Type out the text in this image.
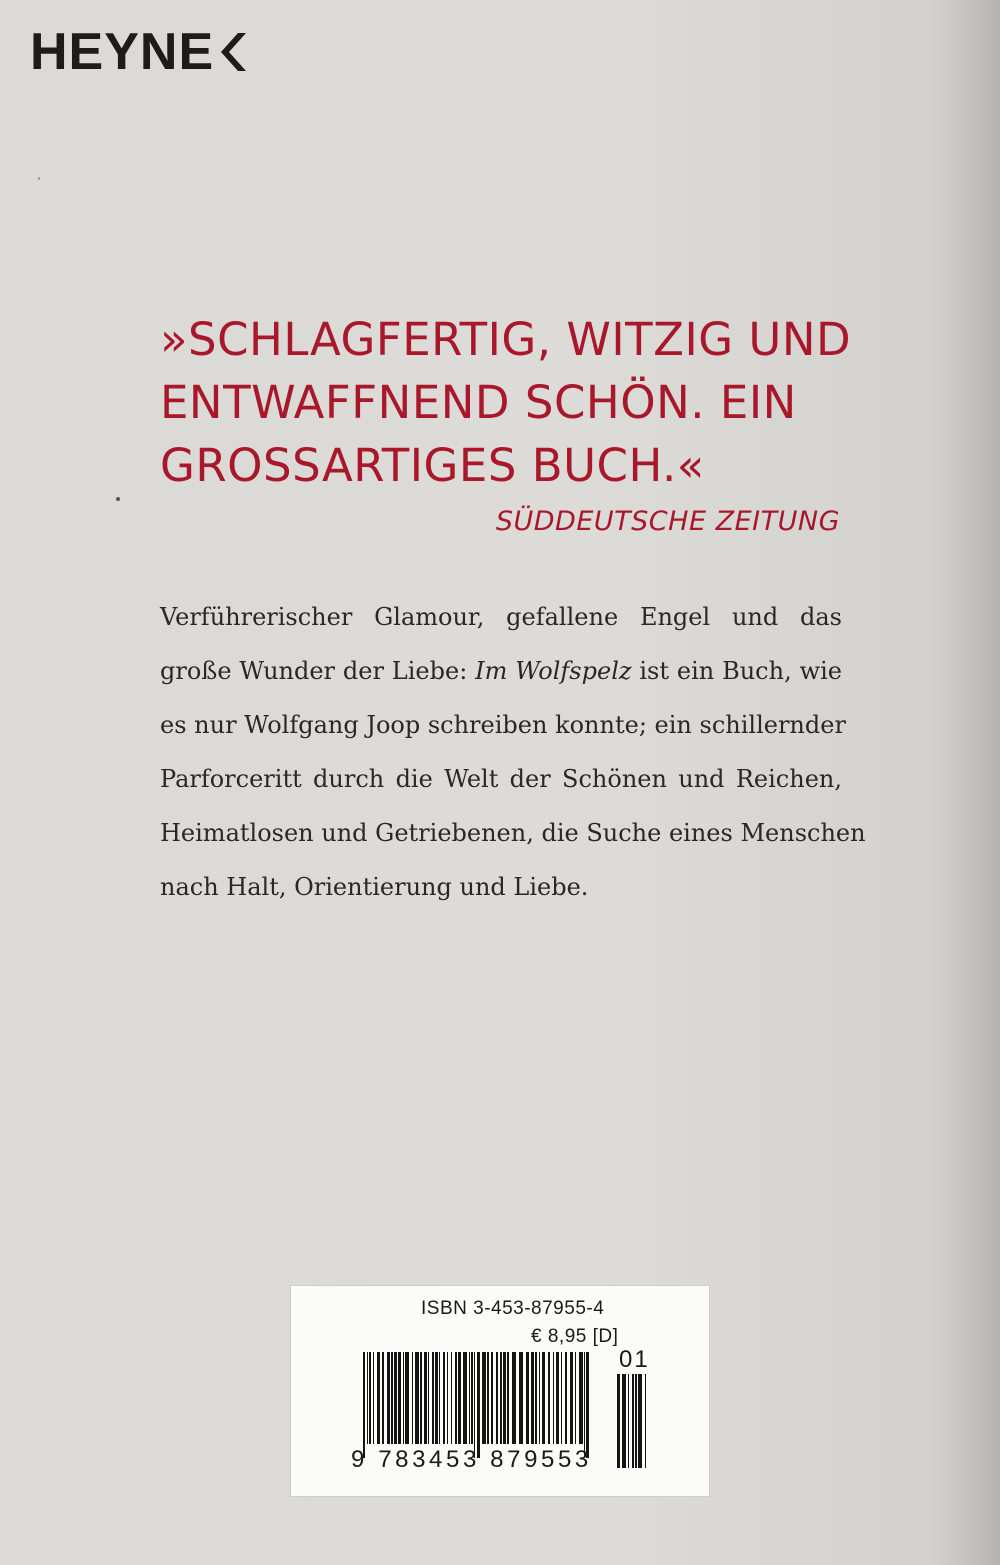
HEYNE
»SCHLAGFERTIG, WITZIG UND
ENTWAFFNEND SCHÖN. EIN
GROSSARTIGES BUCH.«
SÜDDEUTSCHE ZEITUNG
Verführerischer Glamour, gefallene Engel und das
große Wunder der Liebe: Im Wolfspelz ist ein Buch, wie
es nur Wolfgang Joop schreiben konnte; ein schillernder
Parforceritt durch die Welt der Schönen und Reichen,
Heimatlosen und Getriebenen, die Suche eines Menschen
nach Halt, Orientierung und Liebe.
ISBN 3-453-87955-4
€ 8,95 [D]
9 783453 879553
01
